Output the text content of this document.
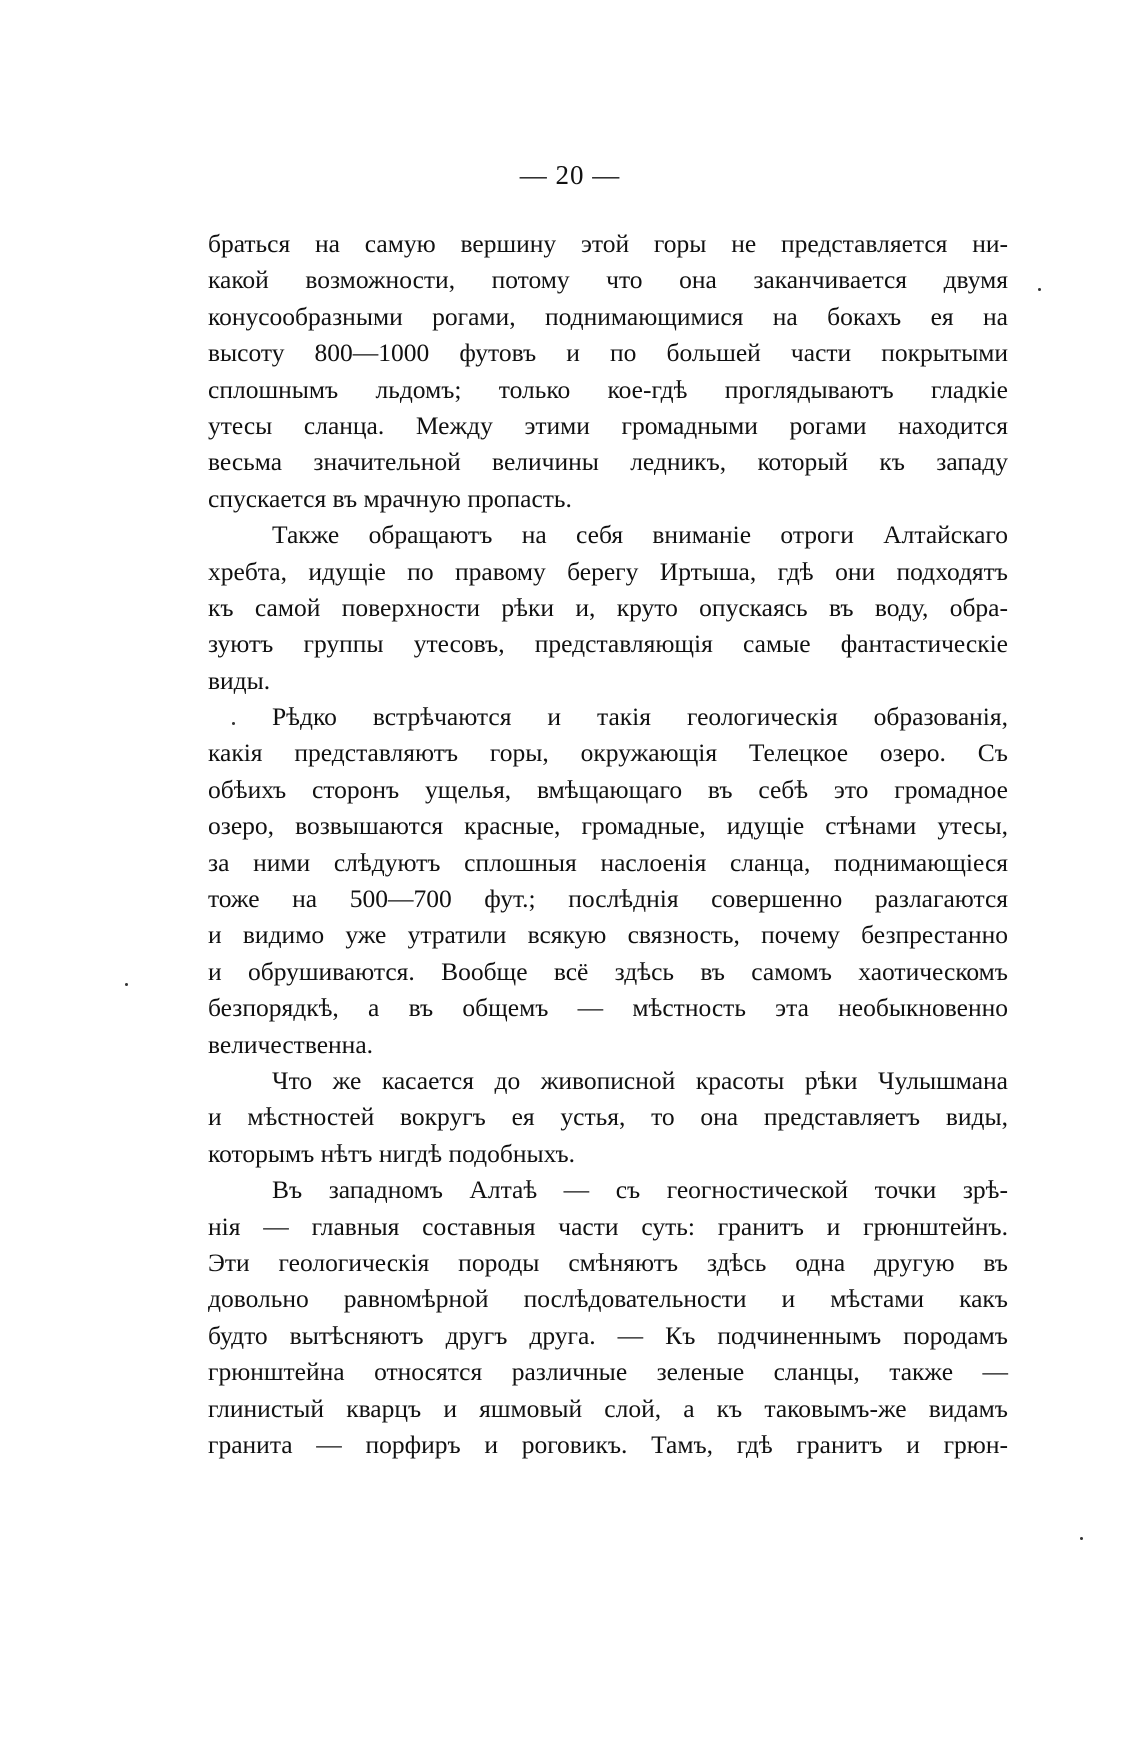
— 20 —
браться на самую вершину этой горы не представляется ни-
какой возможности, потому что она заканчивается двумя
конусообразными рогами, поднимающимися на бокахъ ея на
высоту 800—1000 футовъ и по большей части покрытыми
сплошнымъ льдомъ; только кое-гдѣ проглядываютъ гладкіе
утесы сланца. Между этими громадными рогами находится
весьма значительной величины ледникъ, который къ западу
спускается въ мрачную пропасть.
Также обращаютъ на себя вниманіе отроги Алтайскаго
хребта, идущіе по правому берегу Иртыша, гдѣ они подходятъ
къ самой поверхности рѣки и, круто опускаясь въ воду, обра-
зуютъ группы утесовъ, представляющія самые фантастическіе
виды.
Рѣдко встрѣчаются и такія геологическія образованія,
какія представляютъ горы, окружающія Телецкое озеро. Съ
обѣихъ сторонъ ущелья, вмѣщающаго въ себѣ это громадное
озеро, возвышаются красные, громадные, идущіе стѣнами утесы,
за ними слѣдуютъ сплошныя наслоенія сланца, поднимающіеся
тоже на 500—700 фут.; послѣднія совершенно разлагаются
и видимо уже утратили всякую связность, почему безпрестанно
и обрушиваются. Вообще всё здѣсь въ самомъ хаотическомъ
безпорядкѣ, а въ общемъ — мѣстность эта необыкновенно
величественна.
Что же касается до живописной красоты рѣки Чулышмана
и мѣстностей вокругъ ея устья, то она представляетъ виды,
которымъ нѣтъ нигдѣ подобныхъ.
Въ западномъ Алтаѣ — съ геогностической точки зрѣ-
нія — главныя составныя части суть: гранитъ и грюнштейнъ.
Эти геологическія породы смѣняютъ здѣсь одна другую въ
довольно равномѣрной послѣдовательности и мѣстами какъ
будто вытѣсняютъ другъ друга. — Къ подчиненнымъ породамъ
грюнштейна относятся различные зеленые сланцы, также —
глинистый кварцъ и яшмовый слой, а къ таковымъ-же видамъ
гранита — порфиръ и роговикъ. Тамъ, гдѣ гранитъ и грюн-
